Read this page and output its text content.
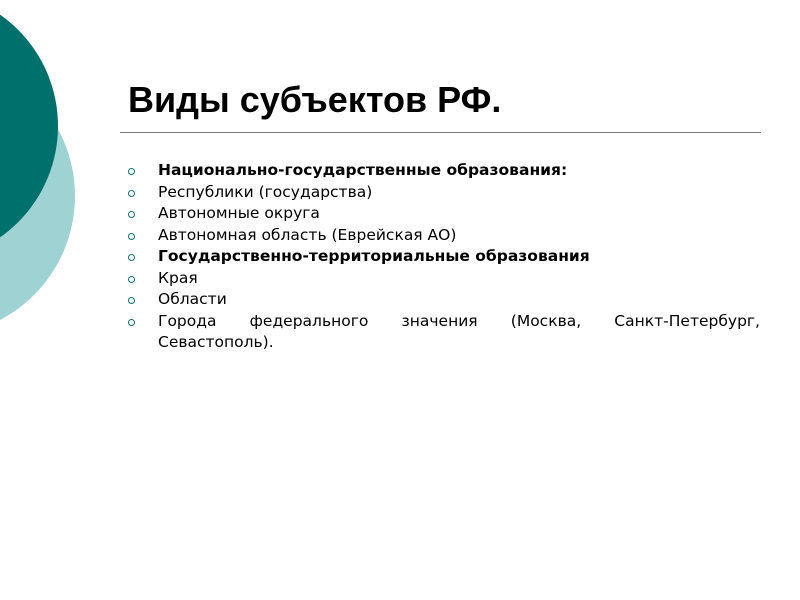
Виды субъектов РФ.
Национально-государственные образования:
Республики (государства)
Автономные округа
Автономная область (Еврейская АО)
Государственно-территориальные образования
Края
Области
Города федерального значения (Москва, Санкт-Петербург, Севастополь).
